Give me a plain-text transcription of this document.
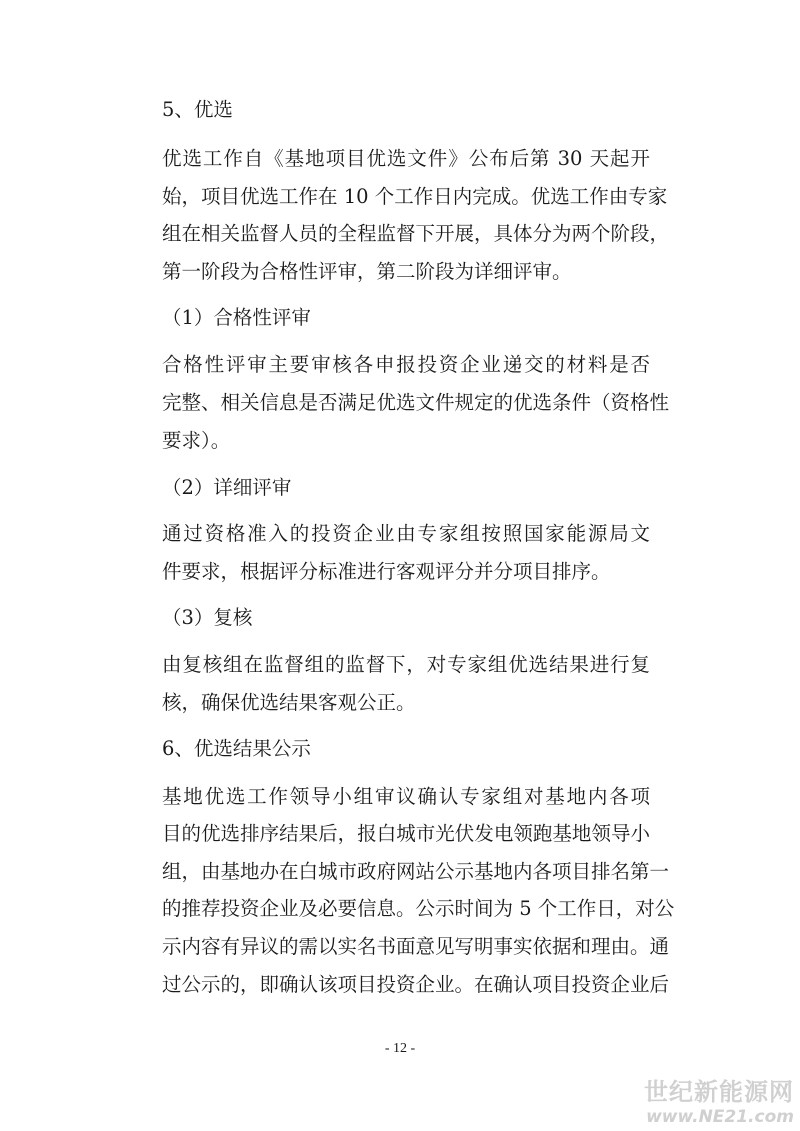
5、优选
优选工作自《基地项目优选文件》公布后第 30 天起开
始，项目优选工作在 10 个工作日内完成。优选工作由专家
组在相关监督人员的全程监督下开展，具体分为两个阶段，
第一阶段为合格性评审，第二阶段为详细评审。
（1）合格性评审
合格性评审主要审核各申报投资企业递交的材料是否
完整、相关信息是否满足优选文件规定的优选条件（资格性
要求）。
（2）详细评审
通过资格准入的投资企业由专家组按照国家能源局文
件要求，根据评分标准进行客观评分并分项目排序。
（3）复核
由复核组在监督组的监督下，对专家组优选结果进行复
核，确保优选结果客观公正。
6、优选结果公示
基地优选工作领导小组审议确认专家组对基地内各项
目的优选排序结果后，报白城市光伏发电领跑基地领导小
组，由基地办在白城市政府网站公示基地内各项目排名第一
的推荐投资企业及必要信息。公示时间为 5 个工作日，对公
示内容有异议的需以实名书面意见写明事实依据和理由。通
过公示的，即确认该项目投资企业。在确认项目投资企业后
- 12 -
世纪新能源网
www.NE21.com
